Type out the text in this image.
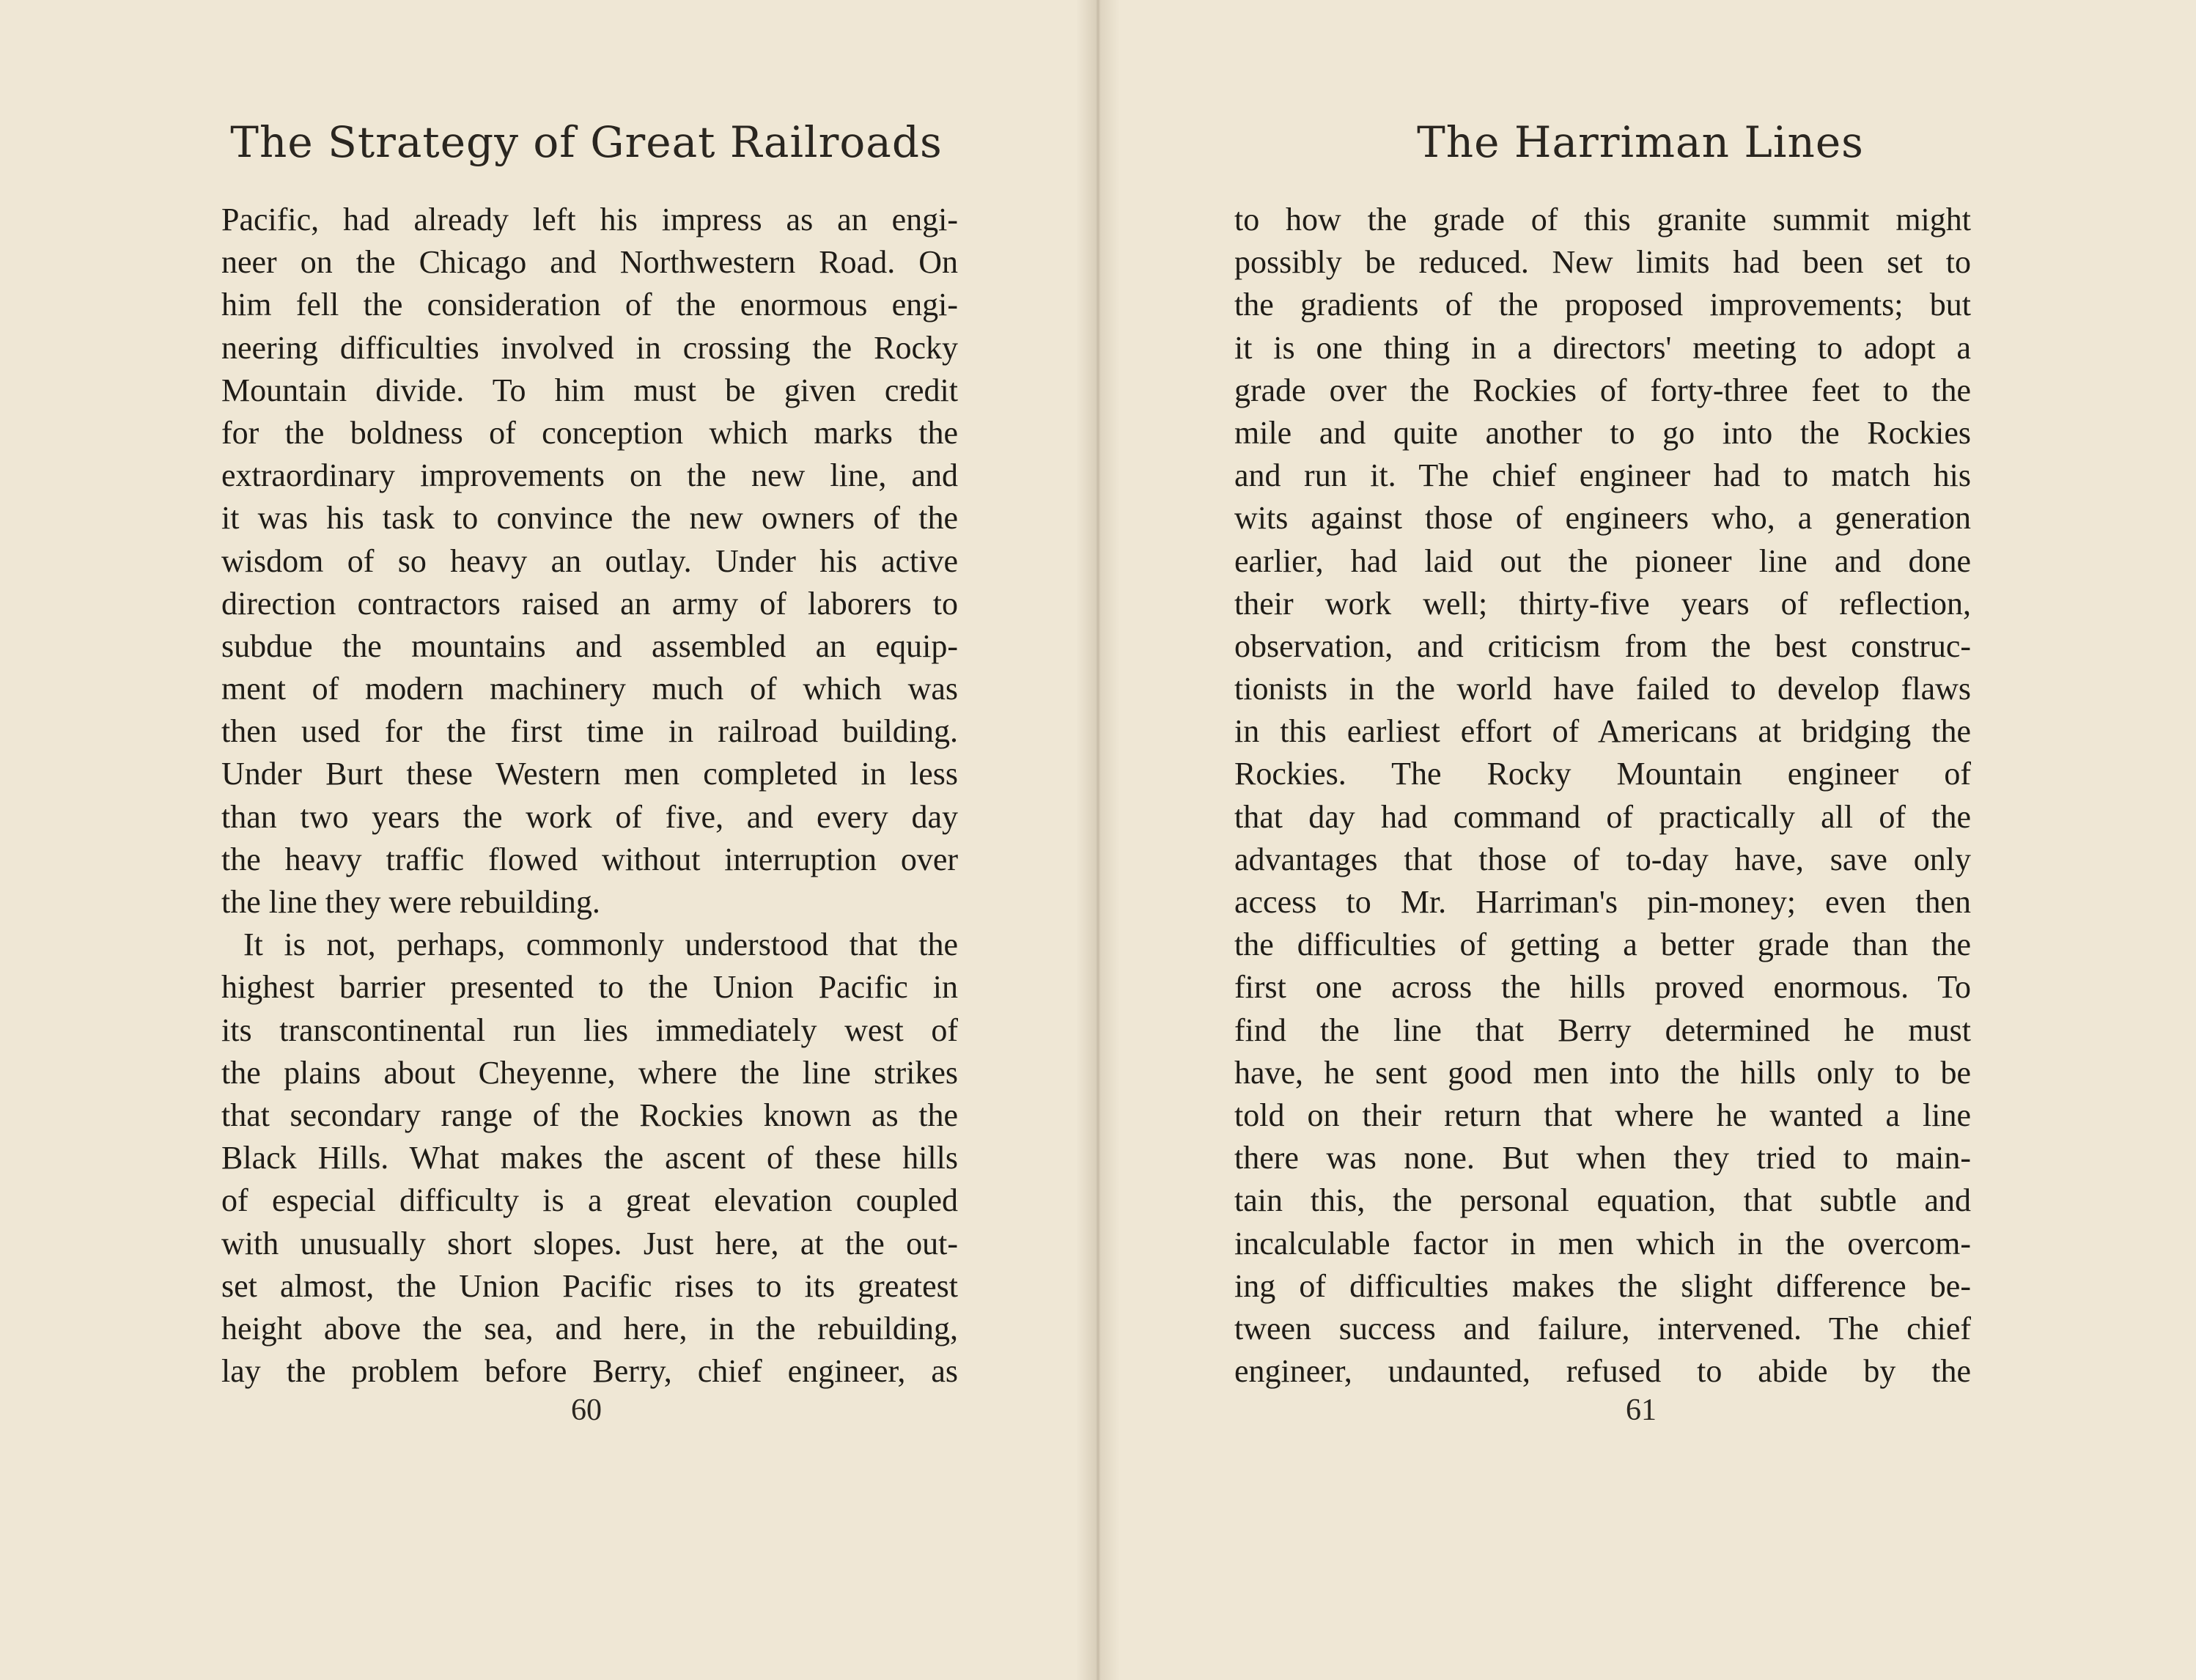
The Strategy of Great Railroads
Pacific, had already left his impress as an engi-
neer on the Chicago and Northwestern Road. On
him fell the consideration of the enormous engi-
neering difficulties involved in crossing the Rocky
Mountain divide. To him must be given credit
for the boldness of conception which marks the
extraordinary improvements on the new line, and
it was his task to convince the new owners of the
wisdom of so heavy an outlay. Under his active
direction contractors raised an army of laborers to
subdue the mountains and assembled an equip-
ment of modern machinery much of which was
then used for the first time in railroad building.
Under Burt these Western men completed in less
than two years the work of five, and every day
the heavy traffic flowed without interruption over
the line they were rebuilding.
It is not, perhaps, commonly understood that the
highest barrier presented to the Union Pacific in
its transcontinental run lies immediately west of
the plains about Cheyenne, where the line strikes
that secondary range of the Rockies known as the
Black Hills. What makes the ascent of these hills
of especial difficulty is a great elevation coupled
with unusually short slopes. Just here, at the out-
set almost, the Union Pacific rises to its greatest
height above the sea, and here, in the rebuilding,
lay the problem before Berry, chief engineer, as
60
The Harriman Lines
to how the grade of this granite summit might
possibly be reduced. New limits had been set to
the gradients of the proposed improvements; but
it is one thing in a directors' meeting to adopt a
grade over the Rockies of forty-three feet to the
mile and quite another to go into the Rockies
and run it. The chief engineer had to match his
wits against those of engineers who, a generation
earlier, had laid out the pioneer line and done
their work well; thirty-five years of reflection,
observation, and criticism from the best construc-
tionists in the world have failed to develop flaws
in this earliest effort of Americans at bridging the
Rockies. The Rocky Mountain engineer of
that day had command of practically all of the
advantages that those of to-day have, save only
access to Mr. Harriman's pin-money; even then
the difficulties of getting a better grade than the
first one across the hills proved enormous. To
find the line that Berry determined he must
have, he sent good men into the hills only to be
told on their return that where he wanted a line
there was none. But when they tried to main-
tain this, the personal equation, that subtle and
incalculable factor in men which in the overcom-
ing of difficulties makes the slight difference be-
tween success and failure, intervened. The chief
engineer, undaunted, refused to abide by the
61
